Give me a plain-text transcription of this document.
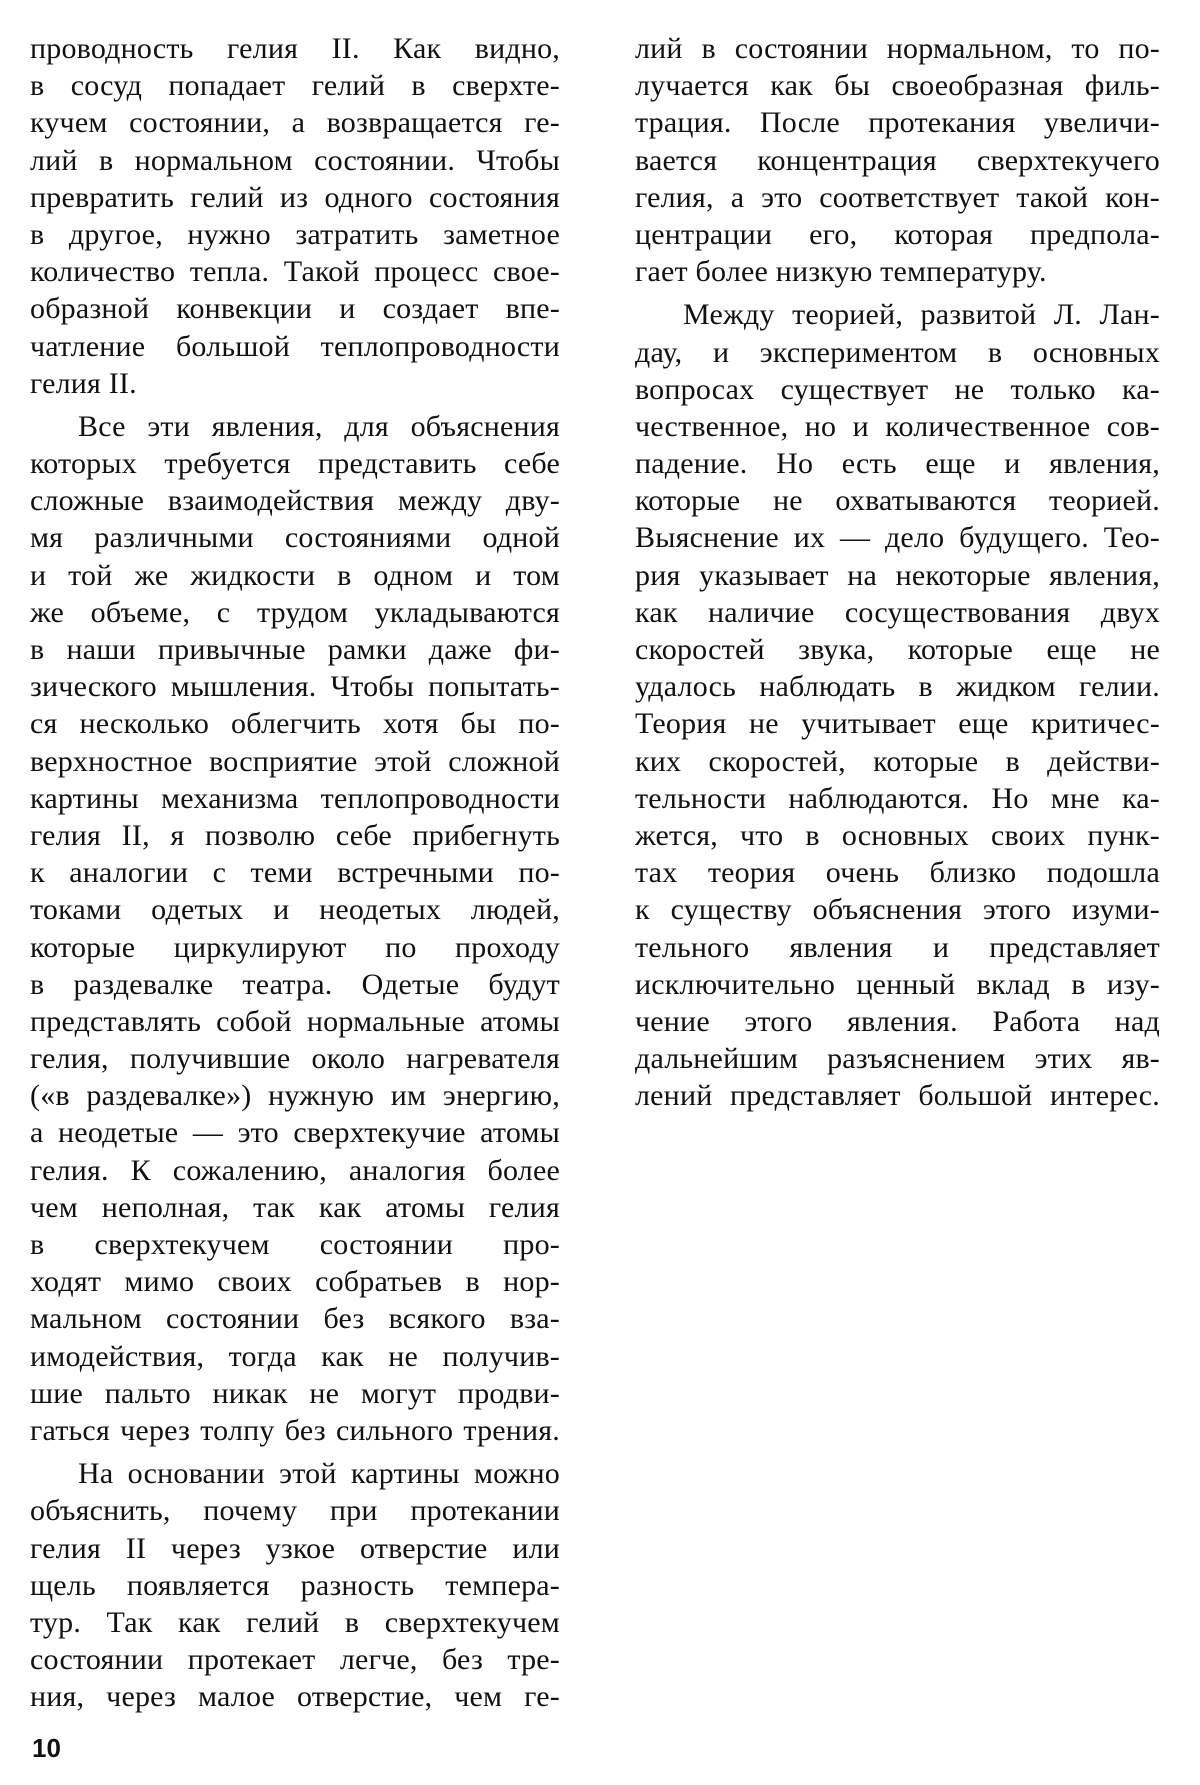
проводность гелия II. Как видно,
в сосуд попадает гелий в сверхте-
кучем состоянии, а возвращается ге-
лий в нормальном состоянии. Чтобы
превратить гелий из одного состояния
в другое, нужно затратить заметное
количество тепла. Такой процесс свое-
образной конвекции и создает впе-
чатление большой теплопроводности
гелия II.
Все эти явления, для объяснения
которых требуется представить себе
сложные взаимодействия между дву-
мя различными состояниями одной
и той же жидкости в одном и том
же объеме, с трудом укладываются
в наши привычные рамки даже фи-
зического мышления. Чтобы попытать-
ся несколько облегчить хотя бы по-
верхностное восприятие этой сложной
картины механизма теплопроводности
гелия II, я позволю себе прибегнуть
к аналогии с теми встречными по-
токами одетых и неодетых людей,
которые циркулируют по проходу
в раздевалке театра. Одетые будут
представлять собой нормальные атомы
гелия, получившие около нагревателя
(«в раздевалке») нужную им энергию,
а неодетые — это сверхтекучие атомы
гелия. К сожалению, аналогия более
чем неполная, так как атомы гелия
в сверхтекучем состоянии про-
ходят мимо своих собратьев в нор-
мальном состоянии без всякого вза-
имодействия, тогда как не получив-
шие пальто никак не могут продви-
гаться через толпу без сильного трения.
На основании этой картины можно
объяснить, почему при протекании
гелия II через узкое отверстие или
щель появляется разность темпера-
тур. Так как гелий в сверхтекучем
состоянии протекает легче, без тре-
ния, через малое отверстие, чем ге-
лий в состоянии нормальном, то по-
лучается как бы своеобразная филь-
трация. После протекания увеличи-
вается концентрация сверхтекучего
гелия, а это соответствует такой кон-
центрации его, которая предпола-
гает более низкую температуру.
Между теорией, развитой Л. Лан-
дау, и экспериментом в основных
вопросах существует не только ка-
чественное, но и количественное сов-
падение. Но есть еще и явления,
которые не охватываются теорией.
Выяснение их — дело будущего. Тео-
рия указывает на некоторые явления,
как наличие сосуществования двух
скоростей звука, которые еще не
удалось наблюдать в жидком гелии.
Теория не учитывает еще критичес-
ких скоростей, которые в действи-
тельности наблюдаются. Но мне ка-
жется, что в основных своих пунк-
тах теория очень близко подошла
к существу объяснения этого изуми-
тельного явления и представляет
исключительно ценный вклад в изу-
чение этого явления. Работа над
дальнейшим разъяснением этих яв-
лений представляет большой интерес.
10
